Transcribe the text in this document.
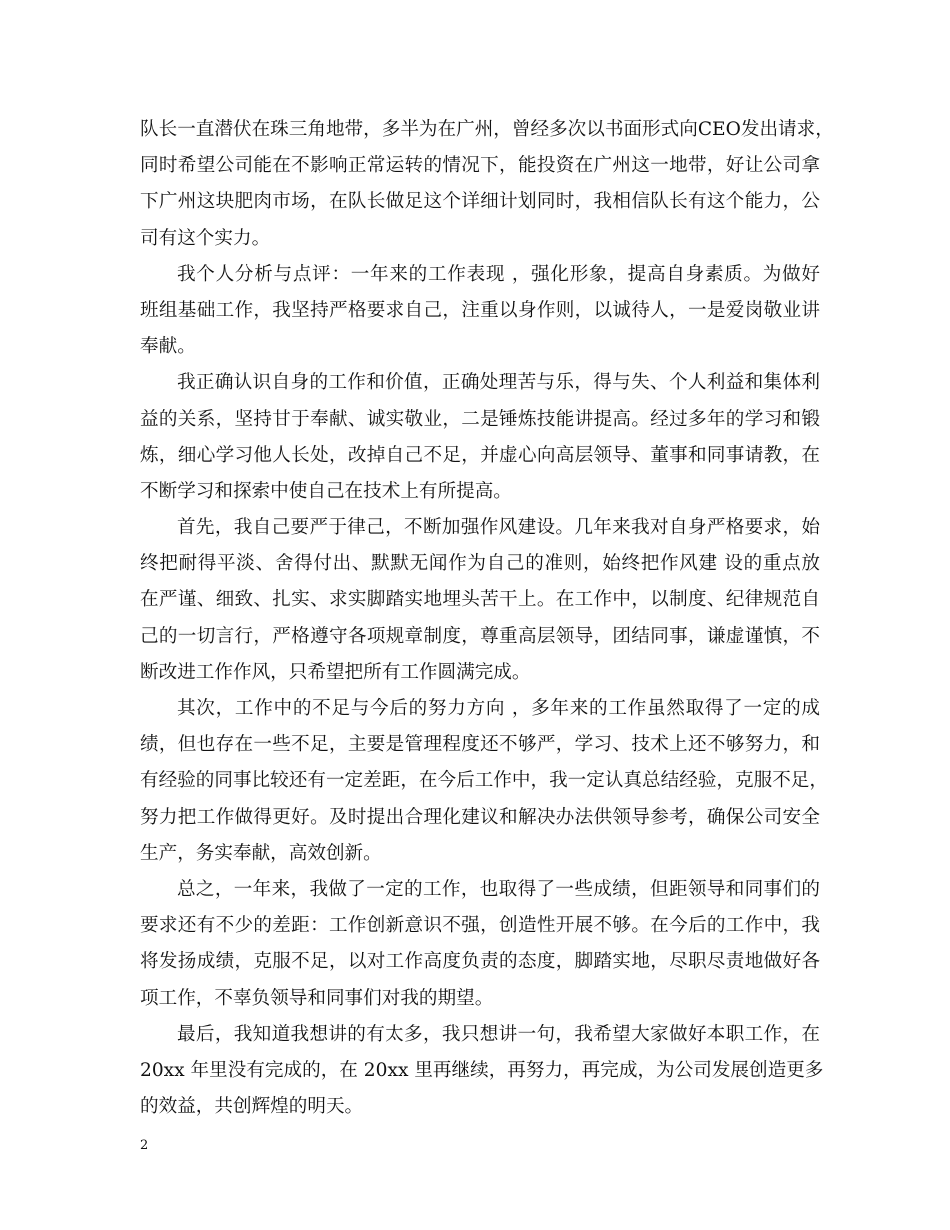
队长一直潜伏在珠三角地带，多半为在广州，曾经多次以书面形式向CEO发出请求，
同时希望公司能在不影响正常运转的情况下，能投资在广州这一地带，好让公司拿
下广州这块肥肉市场，在队长做足这个详细计划同时，我相信队长有这个能力，公
司有这个实力。
我个人分析与点评：一年来的工作表现 ，强化形象，提高自身素质。为做好
班组基础工作，我坚持严格要求自己，注重以身作则，以诚待人，一是爱岗敬业讲
奉献。
我正确认识自身的工作和价值，正确处理苦与乐，得与失、个人利益和集体利
益的关系，坚持甘于奉献、诚实敬业，二是锤炼技能讲提高。经过多年的学习和锻
炼，细心学习他人长处，改掉自己不足，并虚心向高层领导、董事和同事请教，在
不断学习和探索中使自己在技术上有所提高。
首先，我自己要严于律己，不断加强作风建设。几年来我对自身严格要求，始
终把耐得平淡、舍得付出、默默无闻作为自己的准则，始终把作风建 设的重点放
在严谨、细致、扎实、求实脚踏实地埋头苦干上。在工作中，以制度、纪律规范自
己的一切言行，严格遵守各项规章制度，尊重高层领导，团结同事，谦虚谨慎，不
断改进工作作风，只希望把所有工作圆满完成。
其次，工作中的不足与今后的努力方向 ，多年来的工作虽然取得了一定的成
绩，但也存在一些不足，主要是管理程度还不够严，学习、技术上还不够努力，和
有经验的同事比较还有一定差距，在今后工作中，我一定认真总结经验，克服不足，
努力把工作做得更好。及时提出合理化建议和解决办法供领导参考，确保公司安全
生产，务实奉献，高效创新。
总之，一年来，我做了一定的工作，也取得了一些成绩，但距领导和同事们的
要求还有不少的差距：工作创新意识不强，创造性开展不够。在今后的工作中，我
将发扬成绩，克服不足，以对工作高度负责的态度，脚踏实地，尽职尽责地做好各
项工作，不辜负领导和同事们对我的期望。
最后，我知道我想讲的有太多，我只想讲一句，我希望大家做好本职工作，在
20xx 年里没有完成的，在 20xx 里再继续，再努力，再完成，为公司发展创造更多
的效益，共创辉煌的明天。
2
